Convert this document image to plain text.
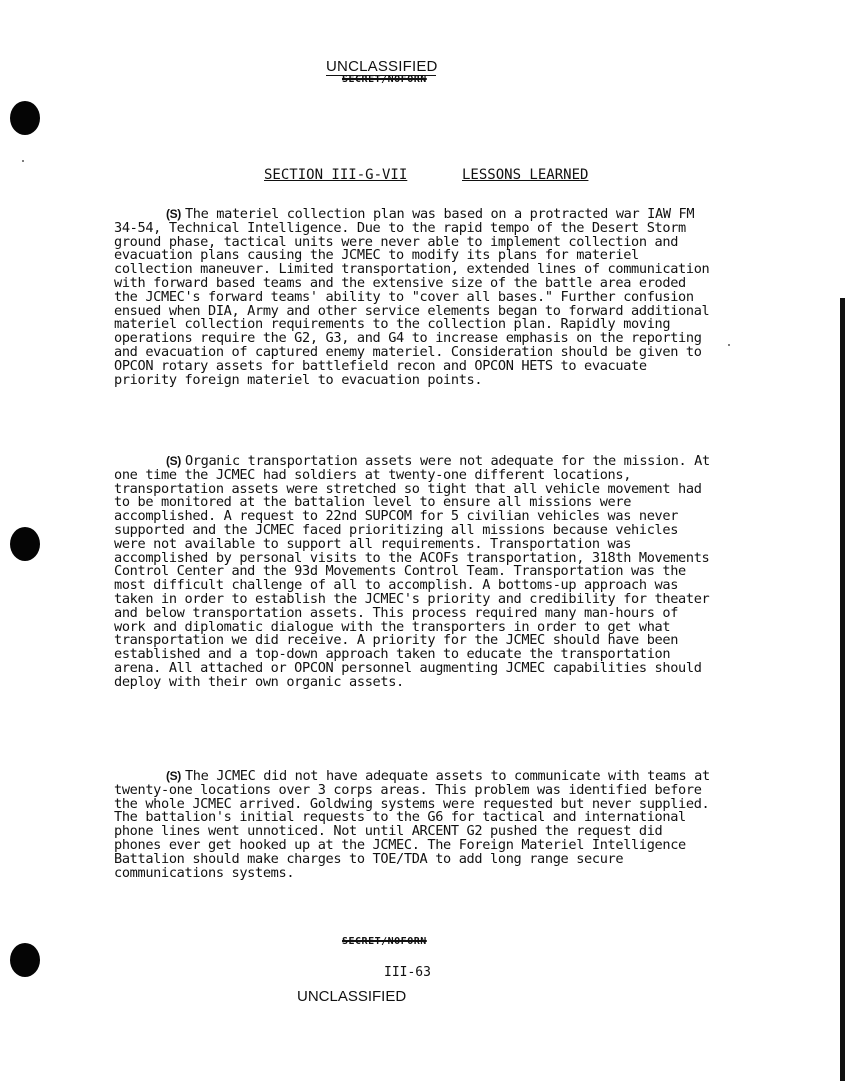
UNCLASSIFIED
SECRET/NOFORN
SECTION III-G-VII	LESSONS LEARNED

(S) The materiel collection plan was based on a protracted war IAW FM 34-54, Technical Intelligence. Due to the rapid tempo of the Desert Storm ground phase, tactical units were never able to implement collection and evacuation plans causing the JCMEC to modify its plans for materiel collection maneuver. Limited transportation, extended lines of communication with forward based teams and the extensive size of the battle area eroded the JCMEC's forward teams' ability to "cover all bases." Further confusion ensued when DIA, Army and other service elements began to forward additional materiel collection requirements to the collection plan. Rapidly moving operations require the G2, G3, and G4 to increase emphasis on the reporting and evacuation of captured enemy materiel. Consideration should be given to OPCON rotary assets for battlefield recon and OPCON HETS to evacuate priority foreign materiel to evacuation points.

(S) Organic transportation assets were not adequate for the mission. At one time the JCMEC had soldiers at twenty-one different locations, transportation assets were stretched so tight that all vehicle movement had to be monitored at the battalion level to ensure all missions were accomplished. A request to 22nd SUPCOM for 5 civilian vehicles was never supported and the JCMEC faced prioritizing all missions because vehicles were not available to support all requirements. Transportation was accomplished by personal visits to the ACOFs transportation, 318th Movements Control Center and the 93d Movements Control Team. Transportation was the most difficult challenge of all to accomplish. A bottoms-up approach was taken in order to establish the JCMEC's priority and credibility for theater and below transportation assets. This process required many man-hours of work and diplomatic dialogue with the transporters in order to get what transportation we did receive. A priority for the JCMEC should have been established and a top-down approach taken to educate the transportation arena. All attached or OPCON personnel augmenting JCMEC capabilities should deploy with their own organic assets.

(S) The JCMEC did not have adequate assets to communicate with teams at twenty-one locations over 3 corps areas. This problem was identified before the whole JCMEC arrived. Goldwing systems were requested but never supplied. The battalion's initial requests to the G6 for tactical and international phone lines went unnoticed. Not until ARCENT G2 pushed the request did phones ever get hooked up at the JCMEC. The Foreign Materiel Intelligence Battalion should make charges to TOE/TDA to add long range secure communications systems.

SECRET/NOFORN
III-63
UNCLASSIFIED
